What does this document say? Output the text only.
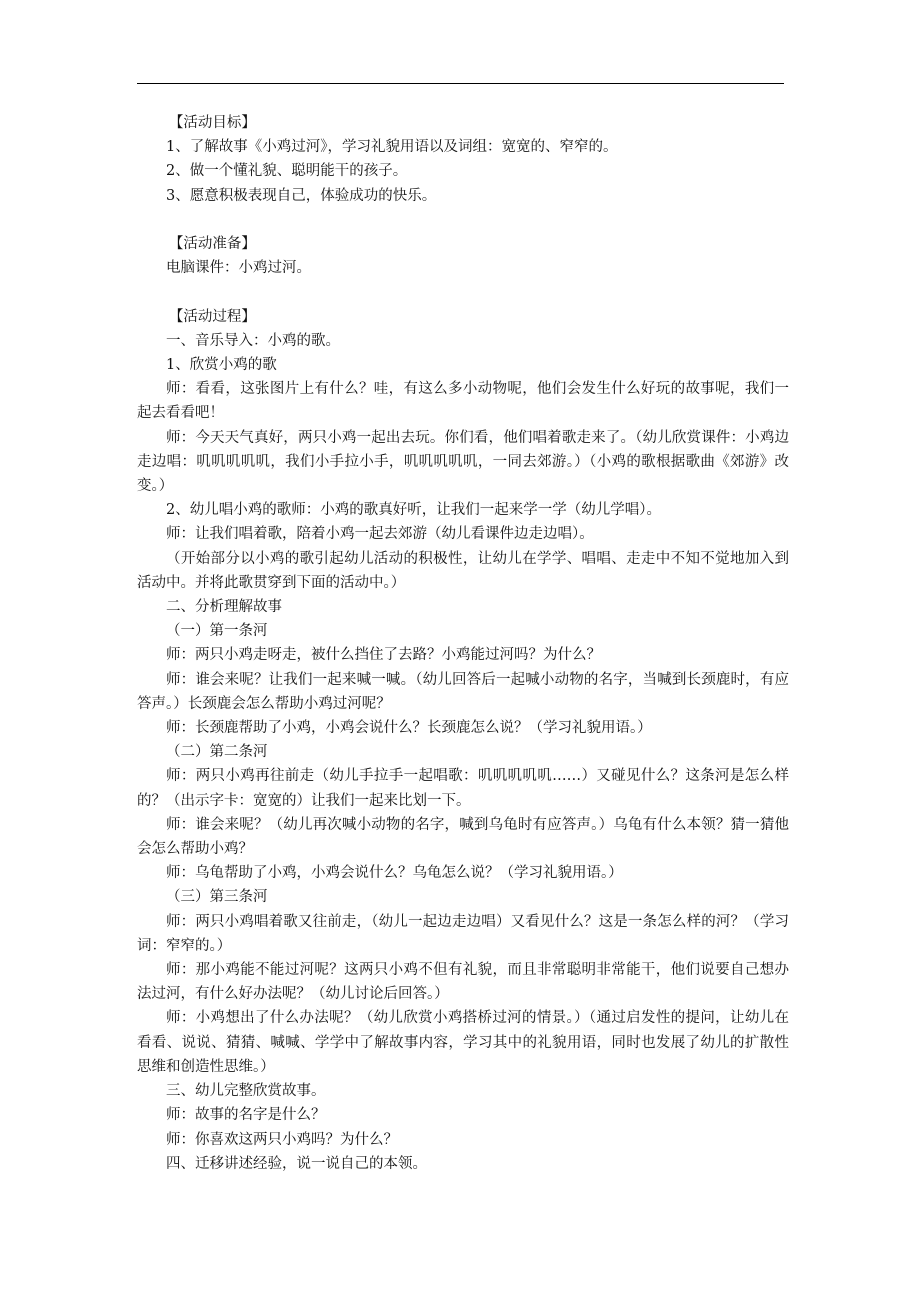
【活动目标】

1、了解故事《小鸡过河》，学习礼貌用语以及词组：宽宽的、窄窄的。

2、做一个懂礼貌、聪明能干的孩子。

3、愿意积极表现自己，体验成功的快乐。

【活动准备】

电脑课件：小鸡过河。

【活动过程】

一、音乐导入：小鸡的歌。

1、欣赏小鸡的歌

师：看看，这张图片上有什么？哇，有这么多小动物呢，他们会发生什么好玩的故事呢，我们一起去看看吧！

师：今天天气真好，两只小鸡一起出去玩。你们看，他们唱着歌走来了。（幼儿欣赏课件：小鸡边走边唱：叽叽叽叽叽，我们小手拉小手，叽叽叽叽叽，一同去郊游。）（小鸡的歌根据歌曲《郊游》改变。）

2、幼儿唱小鸡的歌师：小鸡的歌真好听，让我们一起来学一学（幼儿学唱）。

师：让我们唱着歌，陪着小鸡一起去郊游（幼儿看课件边走边唱）。

（开始部分以小鸡的歌引起幼儿活动的积极性，让幼儿在学学、唱唱、走走中不知不觉地加入到活动中。并将此歌贯穿到下面的活动中。）

二、分析理解故事

（一）第一条河

师：两只小鸡走呀走，被什么挡住了去路？小鸡能过河吗？为什么？

师：谁会来呢？让我们一起来喊一喊。（幼儿回答后一起喊小动物的名字，当喊到长颈鹿时，有应答声。）长颈鹿会怎么帮助小鸡过河呢？

师：长颈鹿帮助了小鸡，小鸡会说什么？长颈鹿怎么说？（学习礼貌用语。）

（二）第二条河

师：两只小鸡再往前走（幼儿手拉手一起唱歌：叽叽叽叽叽……）又碰见什么？这条河是怎么样的？（出示字卡：宽宽的）让我们一起来比划一下。

师：谁会来呢？（幼儿再次喊小动物的名字，喊到乌龟时有应答声。）乌龟有什么本领？猜一猜他会怎么帮助小鸡？

师：乌龟帮助了小鸡，小鸡会说什么？乌龟怎么说？（学习礼貌用语。）

（三）第三条河

师：两只小鸡唱着歌又往前走，（幼儿一起边走边唱）又看见什么？这是一条怎么样的河？（学习词：窄窄的。）

师：那小鸡能不能过河呢？这两只小鸡不但有礼貌，而且非常聪明非常能干，他们说要自己想办法过河，有什么好办法呢？（幼儿讨论后回答。）

师：小鸡想出了什么办法呢？（幼儿欣赏小鸡搭桥过河的情景。）（通过启发性的提问，让幼儿在看看、说说、猜猜、喊喊、学学中了解故事内容，学习其中的礼貌用语，同时也发展了幼儿的扩散性思维和创造性思维。）

三、幼儿完整欣赏故事。

师：故事的名字是什么？

师：你喜欢这两只小鸡吗？为什么？

四、迁移讲述经验，说一说自己的本领。
